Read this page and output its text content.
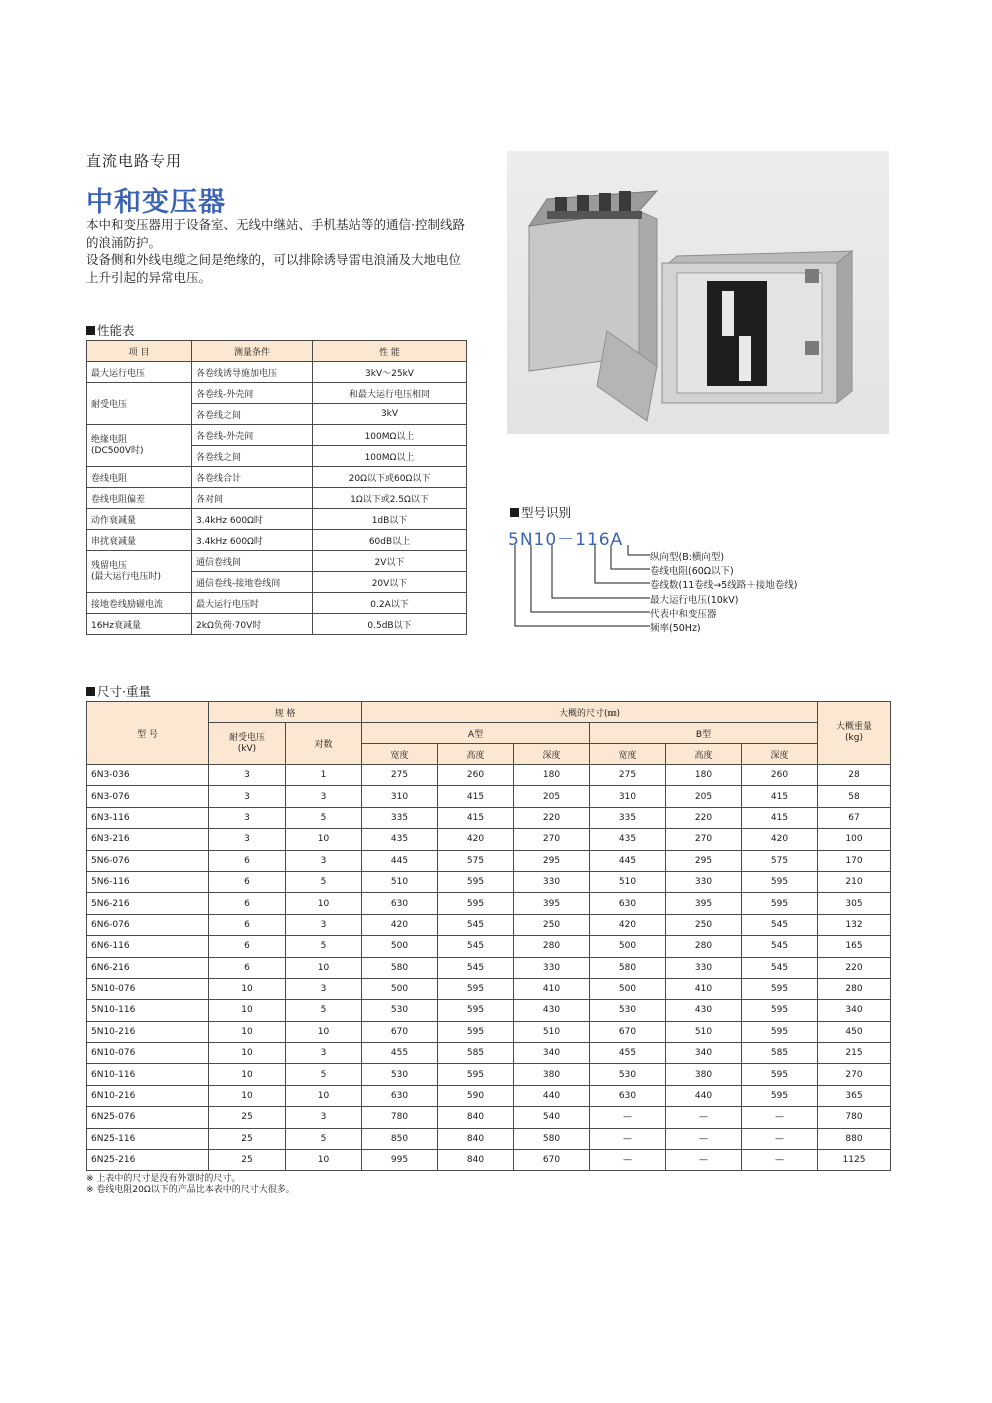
直流电路专用
中和变压器

本中和变压器用于设备室、无线中继站、手机基站等的通信·控制线路的浪涌防护。

设备侧和外线电缆之间是绝缘的，可以排除诱导雷电浪涌及大地电位上升引起的异常电压。

性能表
项 目	测量条件	性 能
最大运行电压	各卷线诱导施加电压	3kV～25kV
耐受电压	各卷线-外壳间	和最大运行电压相同
	各卷线之间	3kV
绝缘电阻
(DC500V时)	各卷线-外壳间	100MΩ以上
	各卷线之间	100MΩ以上
卷线电阻	各卷线合计	20Ω以下或60Ω以下
卷线电阻偏差	各对间	1Ω以下或2.5Ω以下
动作衰减量	3.4kHz 600Ω时	1dB以下
串扰衰减量	3.4kHz 600Ω时	60dB以上
残留电压
(最大运行电压时)	通信卷线间	2V以下
	通信卷线-接地卷线间	20V以下
接地卷线励磁电流	最大运行电压时	0.2A以下
16Hz衰减量	2kΩ负荷·70V时	0.5dB以下
型号识别
5N10－116A
纵向型(B:横向型)
卷线电阻(60Ω以下)
卷线数(11卷线→5线路＋接地卷线)
最大运行电压(10kV)
代表中和变压器
频率(50Hz)
尺寸·重量
型 号	规 格		大概的尺寸(㎜)						大概重量
(kg)
	耐受电压
(kV)	对数	A型			B型			
			宽度	高度	深度	宽度	高度	深度	
6N3-036	3	1	275	260	180	275	180	260	28
6N3-076	3	3	310	415	205	310	205	415	58
6N3-116	3	5	335	415	220	335	220	415	67
6N3-216	3	10	435	420	270	435	270	420	100
5N6-076	6	3	445	575	295	445	295	575	170
5N6-116	6	5	510	595	330	510	330	595	210
5N6-216	6	10	630	595	395	630	395	595	305
6N6-076	6	3	420	545	250	420	250	545	132
6N6-116	6	5	500	545	280	500	280	545	165
6N6-216	6	10	580	545	330	580	330	545	220
5N10-076	10	3	500	595	410	500	410	595	280
5N10-116	10	5	530	595	430	530	430	595	340
5N10-216	10	10	670	595	510	670	510	595	450
6N10-076	10	3	455	585	340	455	340	585	215
6N10-116	10	5	530	595	380	530	380	595	270
6N10-216	10	10	630	590	440	630	440	595	365
6N25-076	25	3	780	840	540	—	—	—	780
6N25-116	25	5	850	840	580	—	—	—	880
6N25-216	25	10	995	840	670	—	—	—	1125
※ 上表中的尺寸是没有外罩时的尺寸。
※ 卷线电阻20Ω以下的产品比本表中的尺寸大很多。
